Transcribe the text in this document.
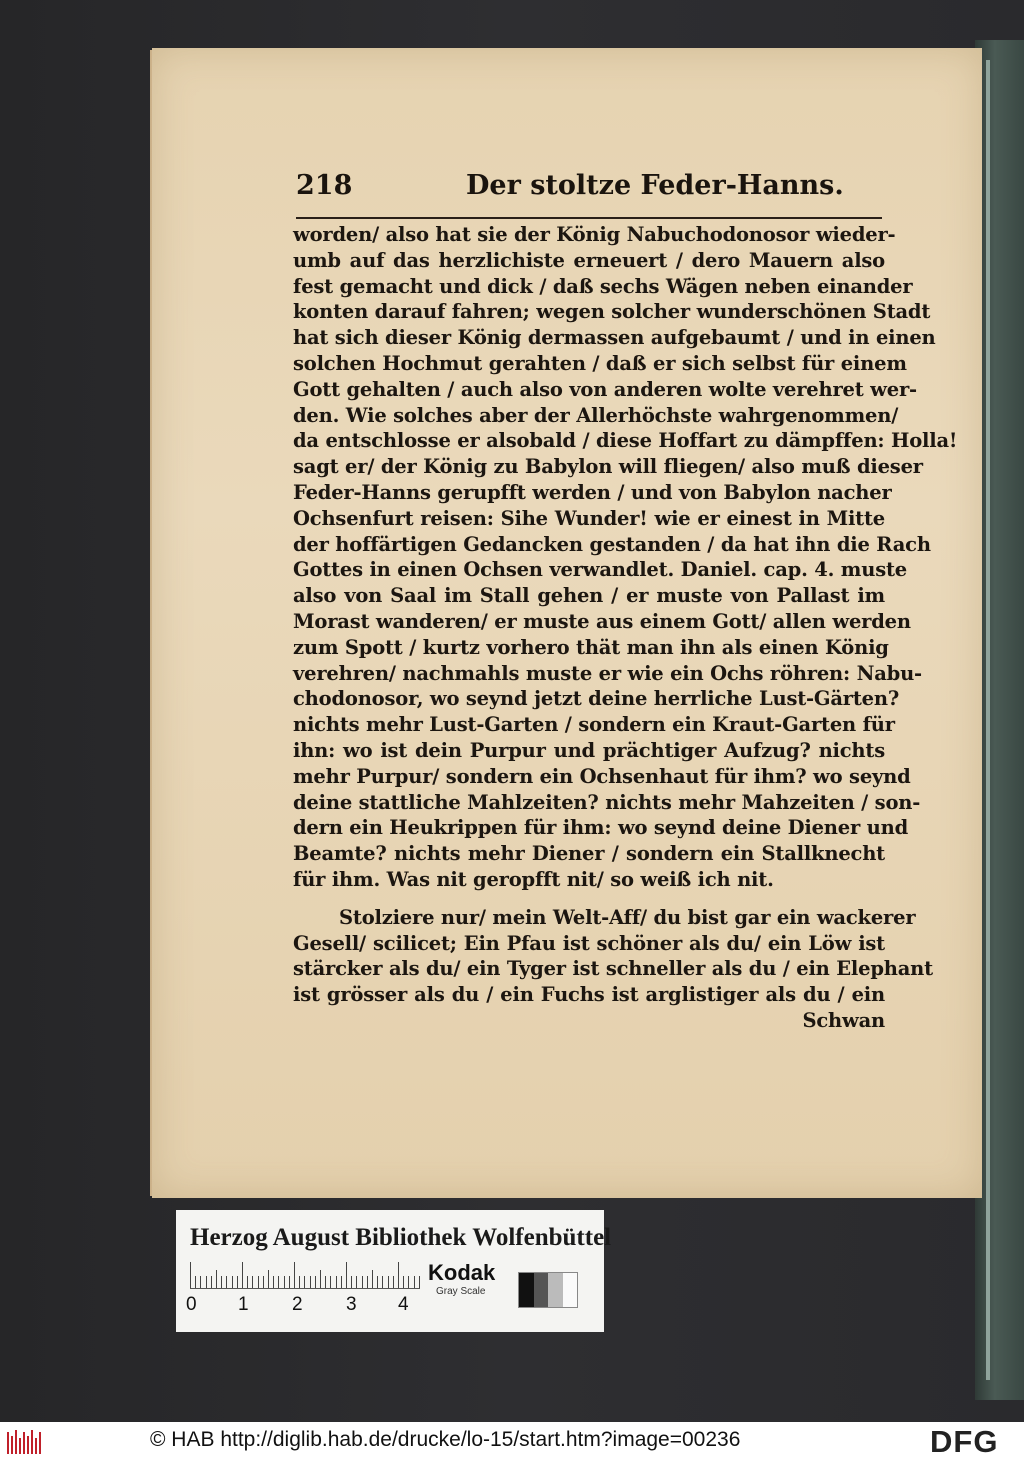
218	Der stoltze Feder-Hanns.
worden/ also hat sie der König Nabuchodonosor wieder-
umb auf das herzlichiste erneuert / dero Mauern also
fest gemacht und dick / daß sechs Wägen neben einander
konten darauf fahren; wegen solcher wunderschönen Stadt
hat sich dieser König dermassen aufgebaumt / und in einen
solchen Hochmut gerahten / daß er sich selbst für einem
Gott gehalten / auch also von anderen wolte verehret wer-
den. Wie solches aber der Allerhöchste wahrgenommen/
da entschlosse er alsobald / diese Hoffart zu dämpffen: Holla!
sagt er/ der König zu Babylon will fliegen/ also muß dieser
Feder-Hanns gerupfft werden / und von Babylon nacher
Ochsenfurt reisen: Sihe Wunder! wie er einest in Mitte
der hoffärtigen Gedancken gestanden / da hat ihn die Rach
Gottes in einen Ochsen verwandlet. Daniel. cap. 4. muste
also von Saal im Stall gehen / er muste von Pallast im
Morast wanderen/ er muste aus einem Gott/ allen werden
zum Spott / kurtz vorhero thät man ihn als einen König
verehren/ nachmahls muste er wie ein Ochs röhren: Nabu-
chodonosor, wo seynd jetzt deine herrliche Lust-Gärten?
nichts mehr Lust-Garten / sondern ein Kraut-Garten für
ihn: wo ist dein Purpur und prächtiger Aufzug? nichts
mehr Purpur/ sondern ein Ochsenhaut für ihm? wo seynd
deine stattliche Mahlzeiten? nichts mehr Mahzeiten / son-
dern ein Heukrippen für ihm: wo seynd deine Diener und
Beamte? nichts mehr Diener / sondern ein Stallknecht
für ihm. Was nit geropfft nit/ so weiß ich nit.
Stolziere nur/ mein Welt-Aff/ du bist gar ein wackerer
Gesell/ scilicet; Ein Pfau ist schöner als du/ ein Löw ist
stärcker als du/ ein Tyger ist schneller als du / ein Elephant
ist grösser als du / ein Fuchs ist arglistiger als du / ein
Schwan
Herzog August Bibliothek Wolfenbüttel
0 1 2 3 4
Kodak
Gray Scale
© HAB http://diglib.hab.de/drucke/lo-15/start.htm?image=00236	DFG
